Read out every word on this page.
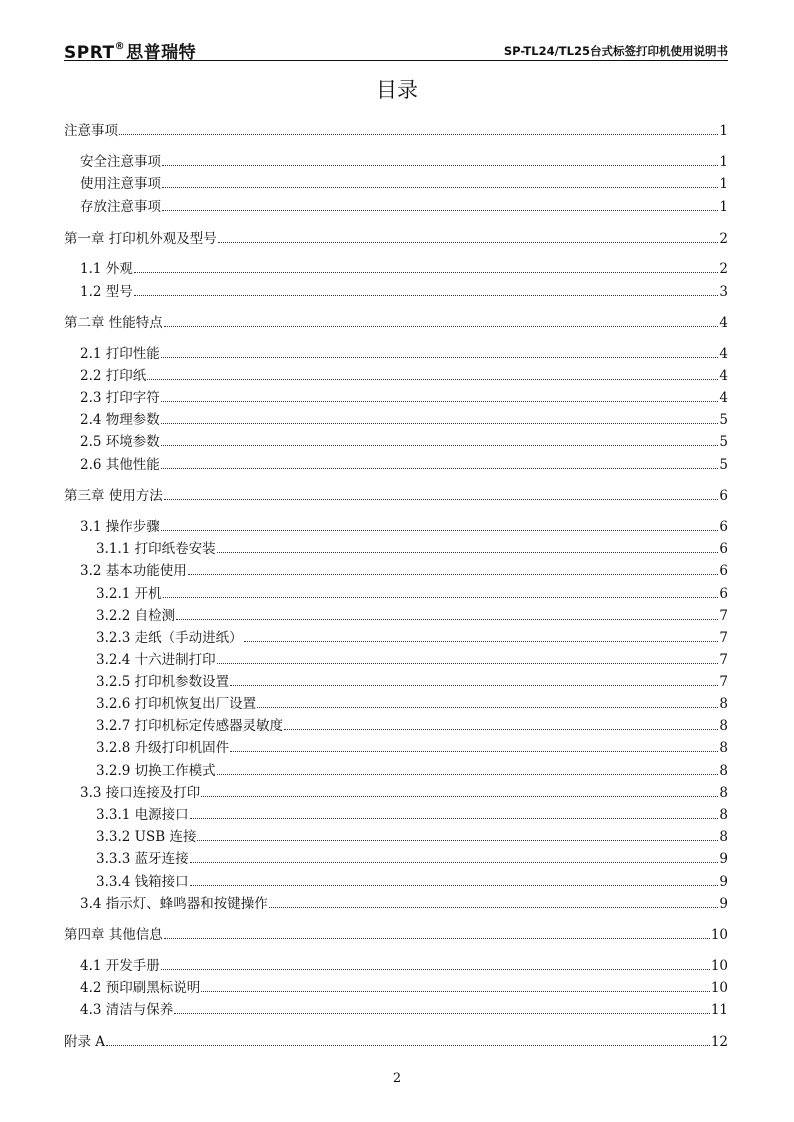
SPRT®思普瑞特	SP-TL24/TL25台式标签打印机使用说明书
目录
注意事项	1
安全注意事项	1
使用注意事项	1
存放注意事项	1
第一章 打印机外观及型号	2
1.1 外观	2
1.2 型号	3
第二章 性能特点	4
2.1 打印性能	4
2.2 打印纸	4
2.3 打印字符	4
2.4 物理参数	5
2.5 环境参数	5
2.6 其他性能	5
第三章 使用方法	6
3.1 操作步骤	6
3.1.1 打印纸卷安装	6
3.2 基本功能使用	6
3.2.1 开机	6
3.2.2 自检测	7
3.2.3 走纸（手动进纸）	7
3.2.4 十六进制打印	7
3.2.5 打印机参数设置	7
3.2.6 打印机恢复出厂设置	8
3.2.7 打印机标定传感器灵敏度	8
3.2.8 升级打印机固件	8
3.2.9 切换工作模式	8
3.3 接口连接及打印	8
3.3.1 电源接口	8
3.3.2 USB 连接	8
3.3.3 蓝牙连接	9
3.3.4 钱箱接口	9
3.4 指示灯、蜂鸣器和按键操作	9
第四章 其他信息	10
4.1 开发手册	10
4.2 预印刷黑标说明	10
4.3 清洁与保养	11
附录 A	12
2
